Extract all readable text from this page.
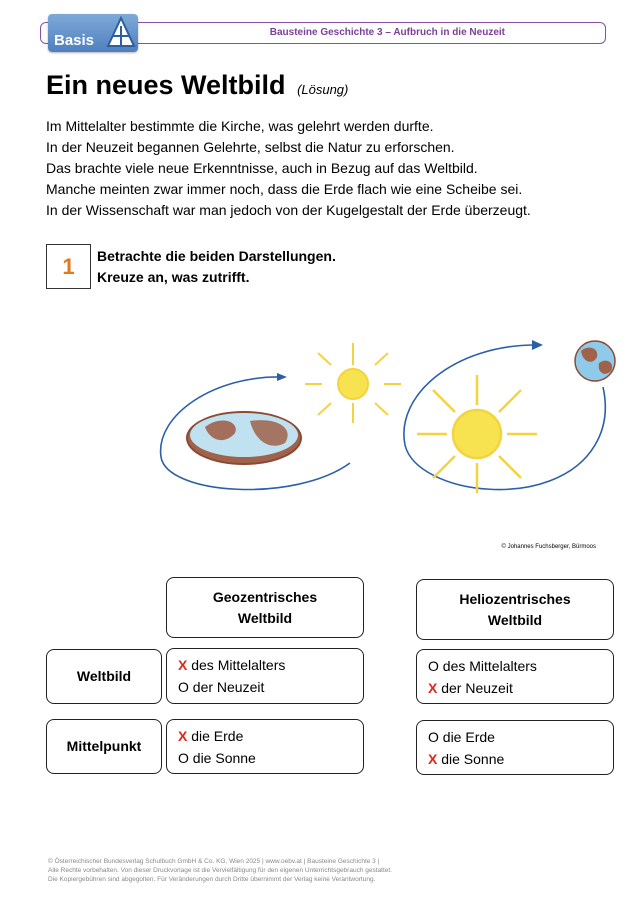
Bausteine Geschichte 3 – Aufbruch in die Neuzeit
Basis
Ein neues Weltbild (Lösung)
Im Mittelalter bestimmte die Kirche, was gelehrt werden durfte.
In der Neuzeit begannen Gelehrte, selbst die Natur zu erforschen.
Das brachte viele neue Erkenntnisse, auch in Bezug auf das Weltbild.
Manche meinten zwar immer noch, dass die Erde flach wie eine Scheibe sei.
In der Wissenschaft war man jedoch von der Kugelgestalt der Erde überzeugt.
1	Betrachte die beiden Darstellungen.
Kreuze an, was zutrifft.
© Johannes Fuchsberger, Bürmoos
Geozentrisches
Weltbild
Heliozentrisches
Weltbild
Weltbild
X des Mittelalters
O der Neuzeit
O des Mittelalters
X der Neuzeit
Mittelpunkt
X die Erde
O die Sonne
O die Erde
X die Sonne
© Österreichischer Bundesverlag Schulbuch GmbH & Co. KG, Wien 2025 | www.oebv.at | Bausteine Geschichte 3 |
Alle Rechte vorbehalten. Von dieser Druckvorlage ist die Vervielfältigung für den eigenen Unterrichtsgebrauch gestattet.
Die Kopiergebühren sind abgegolten. Für Veränderungen durch Dritte übernimmt der Verlag keine Verantwortung.
